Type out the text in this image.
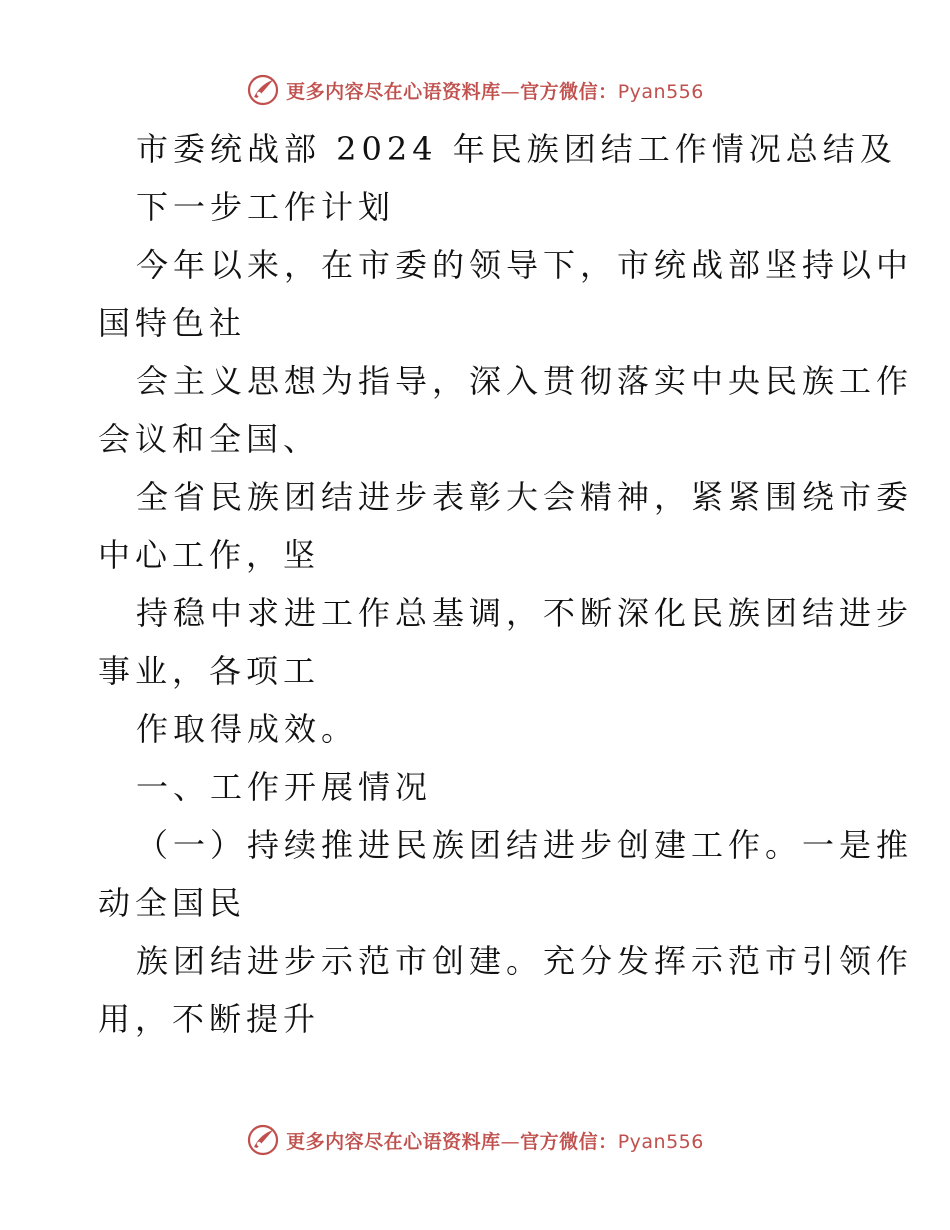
更多内容尽在心语资料库—官方微信：Pyan556
市委统战部 2024 年民族团结工作情况总结及
下一步工作计划
今年以来，在市委的领导下，市统战部坚持以中
国特色社
会主义思想为指导，深入贯彻落实中央民族工作
会议和全国、
全省民族团结进步表彰大会精神，紧紧围绕市委
中心工作，坚
持稳中求进工作总基调，不断深化民族团结进步
事业，各项工
作取得成效。
一、工作开展情况
（一）持续推进民族团结进步创建工作。一是推
动全国民
族团结进步示范市创建。充分发挥示范市引领作
用，不断提升
更多内容尽在心语资料库—官方微信：Pyan556
